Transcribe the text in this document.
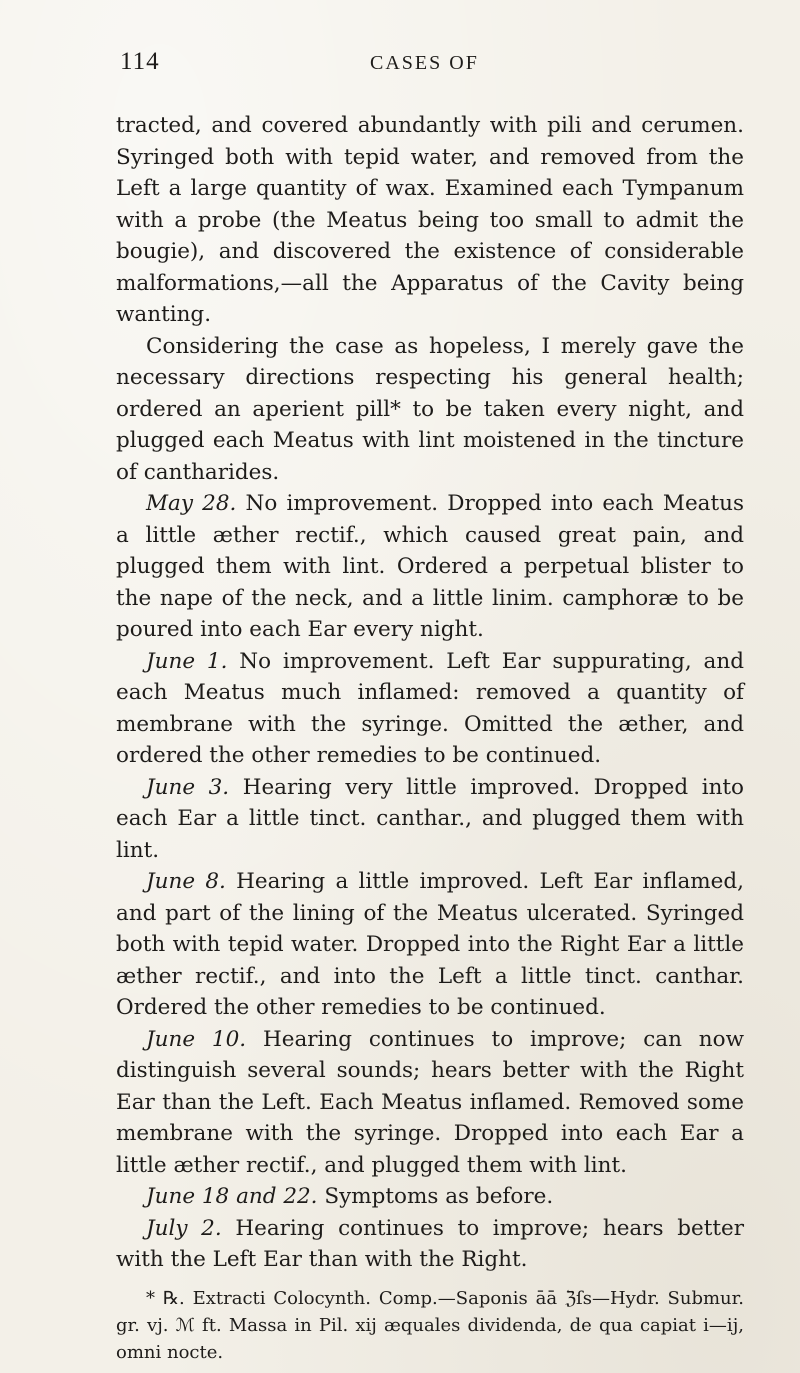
114	CASES OF

tracted, and covered abundantly with pili and cerumen. Syringed both with tepid water, and removed from the Left a large quantity of wax. Examined each Tympanum with a probe (the Meatus being too small to admit the bougie), and discovered the existence of considerable malformations,—all the Apparatus of the Cavity being wanting.

Considering the case as hopeless, I merely gave the necessary directions respecting his general health; ordered an aperient pill* to be taken every night, and plugged each Meatus with lint moistened in the tincture of cantharides.

May 28. No improvement. Dropped into each Meatus a little æther rectif., which caused great pain, and plugged them with lint. Ordered a perpetual blister to the nape of the neck, and a little linim. camphoræ to be poured into each Ear every night.

June 1. No improvement. Left Ear suppurating, and each Meatus much inflamed: removed a quantity of membrane with the syringe. Omitted the æther, and ordered the other remedies to be continued.

June 3. Hearing very little improved. Dropped into each Ear a little tinct. canthar., and plugged them with lint.

June 8. Hearing a little improved. Left Ear inflamed, and part of the lining of the Meatus ulcerated. Syringed both with tepid water. Dropped into the Right Ear a little æther rectif., and into the Left a little tinct. canthar. Ordered the other remedies to be continued.

June 10. Hearing continues to improve; can now distinguish several sounds; hears better with the Right Ear than the Left. Each Meatus inflamed. Removed some membrane with the syringe. Dropped into each Ear a little æther rectif., and plugged them with lint.

June 18 and 22. Symptoms as before.

July 2. Hearing continues to improve; hears better with the Left Ear than with the Right.

* ℞. Extracti Colocynth. Comp.—Saponis āā ℨſs—Hydr. Submur. gr. vj. ℳ ft. Massa in Pil. xij æquales dividenda, de qua capiat i—ij, omni nocte.
